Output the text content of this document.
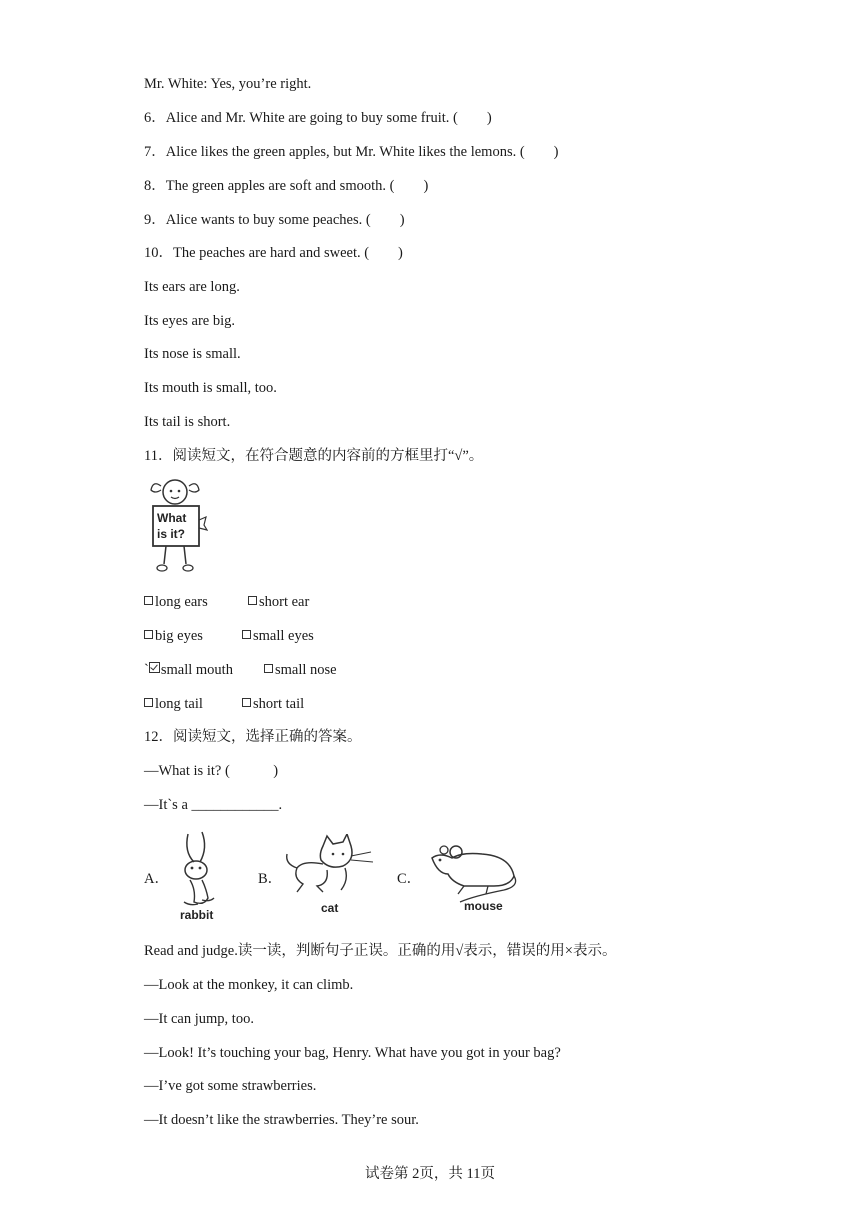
Mr. White: Yes, you’re right.
6．Alice and Mr. White are going to buy some fruit. (        )
7．Alice likes the green apples, but Mr. White likes the lemons. (        )
8．The green apples are soft and smooth. (        )
9．Alice wants to buy some peaches. (        )
10．The peaches are hard and sweet. (        )
Its ears are long.
Its eyes are big.
Its nose is small.
Its mouth is small, too.
Its tail is short.
11．阅读短文，在符合题意的内容前的方框里打“√”。
What
is it?
long ears	short ear
big eyes	small eyes
` small mouth	small nose
long tail	short tail
12．阅读短文，选择正确的答案。
—What is it? (            )
—It`s a ____________.
A．
rabbit
B．
cat
C．
mouse
Read and judge.读一读，判断句子正误。正确的用√表示，错误的用×表示。
—Look at the monkey, it can climb.
—It can jump, too.
—Look! It’s touching your bag, Henry. What have you got in your bag?
—I’ve got some strawberries.
—It doesn’t like the strawberries. They’re sour.
试卷第 2页，共 11页
